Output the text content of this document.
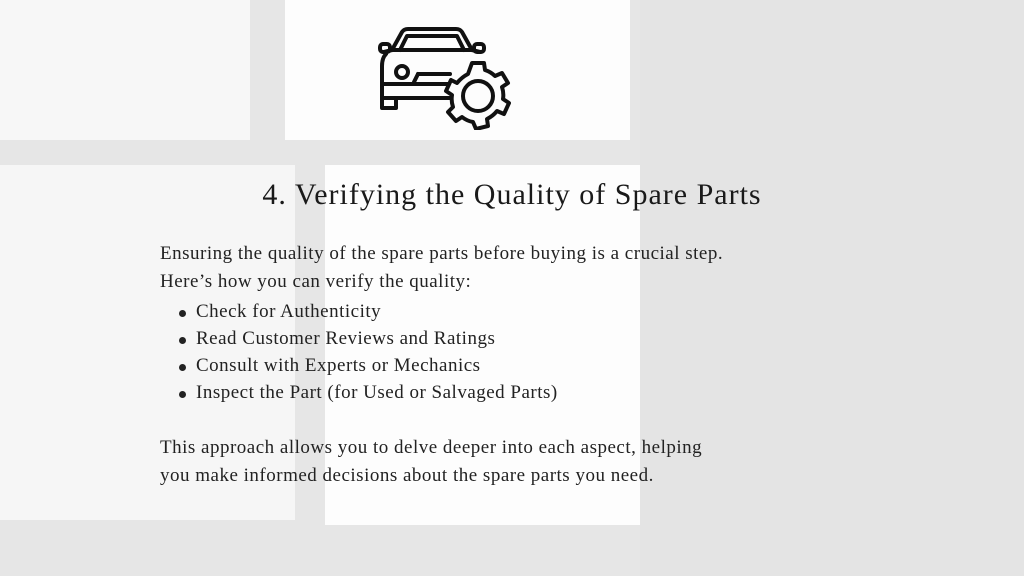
4. Verifying the Quality of Spare Parts

Ensuring the quality of the spare parts before buying is a crucial step.

Here’s how you can verify the quality:

Check for Authenticity
Read Customer Reviews and Ratings
Consult with Experts or Mechanics
Inspect the Part (for Used or Salvaged Parts)

This approach allows you to delve deeper into each aspect, helping

you make informed decisions about the spare parts you need.
